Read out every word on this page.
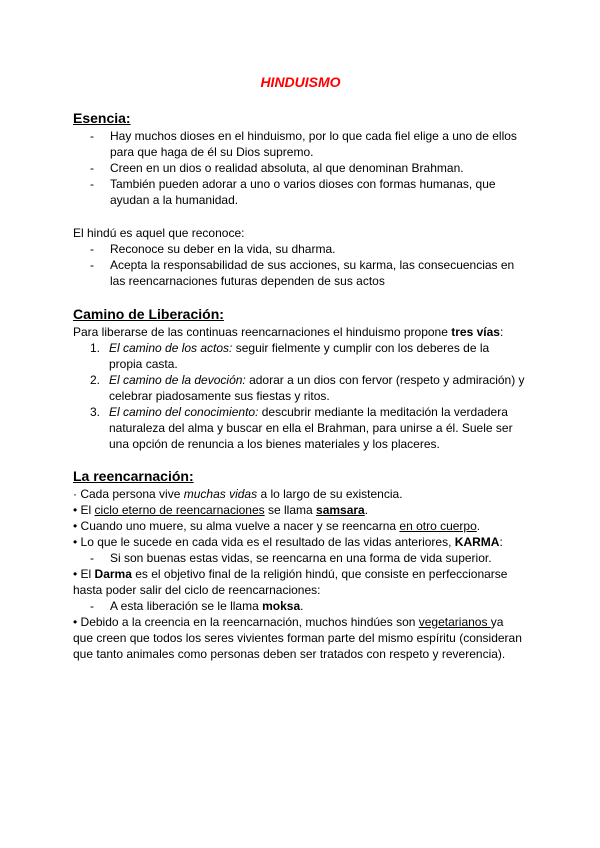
HINDUISMO
Esencia:
- Hay muchos dioses en el hinduismo, por lo que cada fiel elige a uno de ellos para que haga de él su Dios supremo.
- Creen en un dios o realidad absoluta, al que denominan Brahman.
- También pueden adorar a uno o varios dioses con formas humanas, que ayudan a la humanidad.
El hindú es aquel que reconoce:
- Reconoce su deber en la vida, su dharma.
- Acepta la responsabilidad de sus acciones, su karma, las consecuencias en las reencarnaciones futuras dependen de sus actos
Camino de Liberación:
Para liberarse de las continuas reencarnaciones el hinduismo propone tres vías:
1. El camino de los actos: seguir fielmente y cumplir con los deberes de la propia casta.
2. El camino de la devoción: adorar a un dios con fervor (respeto y admiración) y celebrar piadosamente sus fiestas y ritos.
3. El camino del conocimiento: descubrir mediante la meditación la verdadera naturaleza del alma y buscar en ella el Brahman, para unirse a él. Suele ser una opción de renuncia a los bienes materiales y los placeres.
La reencarnación:
· Cada persona vive muchas vidas a lo largo de su existencia.
• El ciclo eterno de reencarnaciones se llama samsara.
• Cuando uno muere, su alma vuelve a nacer y se reencarna en otro cuerpo.
• Lo que le sucede en cada vida es el resultado de las vidas anteriores, KARMA:
- Si son buenas estas vidas, se reencarna en una forma de vida superior.
• El Darma es el objetivo final de la religión hindú, que consiste en perfeccionarse hasta poder salir del ciclo de reencarnaciones:
- A esta liberación se le llama moksa.
• Debido a la creencia en la reencarnación, muchos hindúes son vegetarianos ya que creen que todos los seres vivientes forman parte del mismo espíritu (consideran que tanto animales como personas deben ser tratados con respeto y reverencia).
